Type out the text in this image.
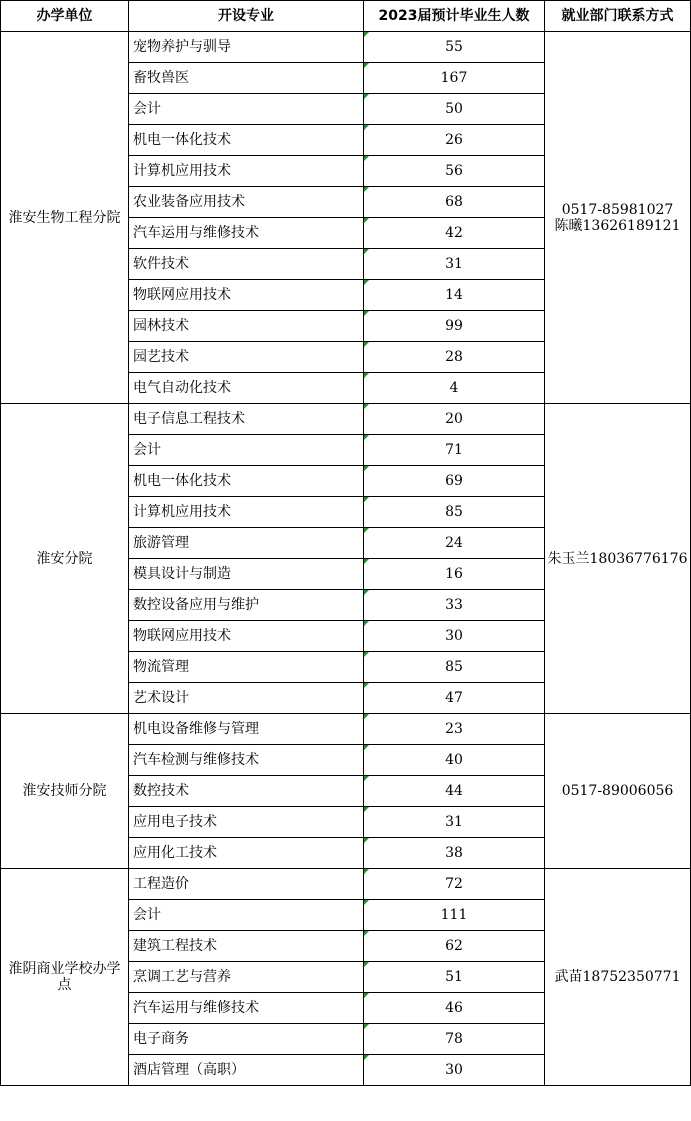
办学单位	开设专业	2023届预计毕业生人数	就业部门联系方式
淮安生物工程分院	宠物养护与驯导	55	0517-85981027
陈曦13626189121

	畜牧兽医	167	
	会计	50	
	机电一体化技术	26	
	计算机应用技术	56	
	农业装备应用技术	68	
	汽车运用与维修技术	42	
	软件技术	31	
	物联网应用技术	14	
	园林技术	99	
	园艺技术	28	
	电气自动化技术	4	
淮安分院	电子信息工程技术	20	朱玉兰18036776176

	会计	71	
	机电一体化技术	69	
	计算机应用技术	85	
	旅游管理	24	
	模具设计与制造	16	
	数控设备应用与维护	33	
	物联网应用技术	30	
	物流管理	85	
	艺术设计	47	
淮安技师分院	机电设备维修与管理	23	0517-89006056

	汽车检测与维修技术	40	
	数控技术	44	
	应用电子技术	31	
	应用化工技术	38	
淮阴商业学校办学点	工程造价	72	武苗18752350771

	会计	111	
	建筑工程技术	62	
	烹调工艺与营养	51	
	汽车运用与维修技术	46	
	电子商务	78	
	酒店管理（高职）	30	
